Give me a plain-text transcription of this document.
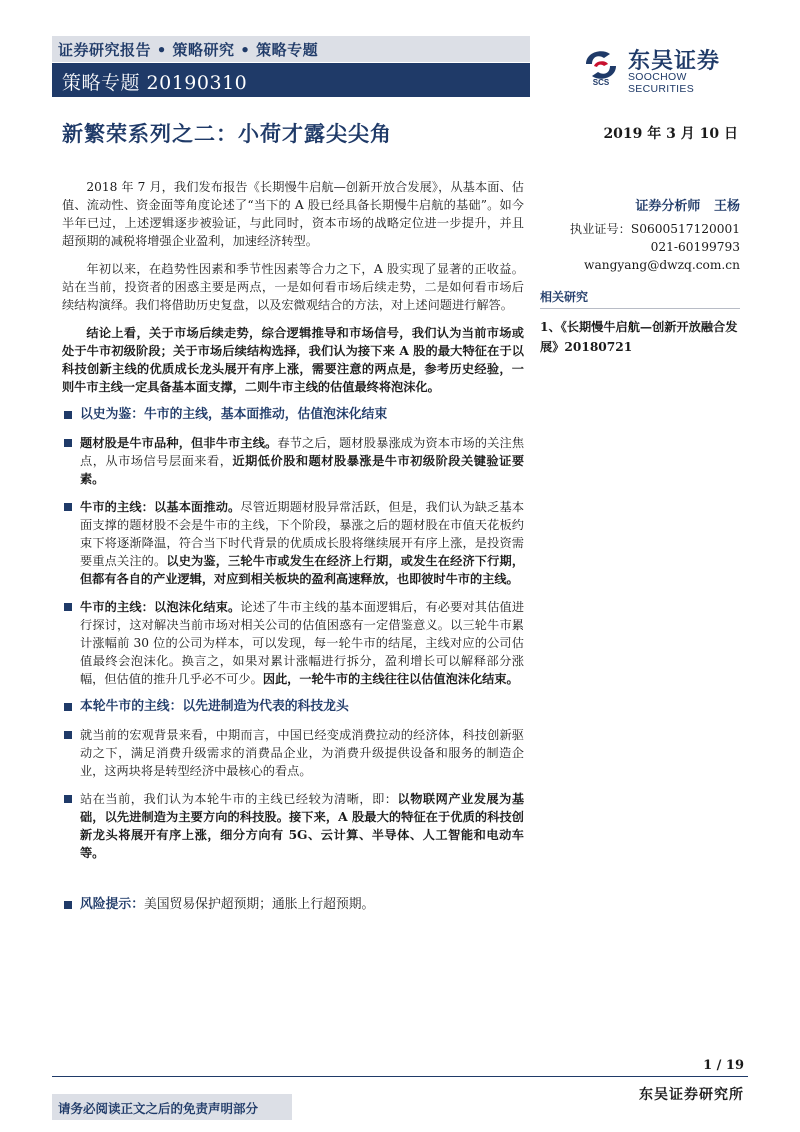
证券研究报告 • 策略研究 • 策略专题
策略专题 20190310	SCS
东吴证券
SOOCHOW SECURITIES
新繁荣系列之二：小荷才露尖尖角	2019 年 3 月 10 日

2018 年 7 月，我们发布报告《长期慢牛启航—创新开放合发展》，从基本面、估值、流动性、资金面等角度论述了“当下的 A 股已经具备长期慢牛启航的基础”。如今半年已过，上述逻辑逐步被验证，与此同时，资本市场的战略定位进一步提升，并且超预期的减税将增强企业盈利，加速经济转型。

年初以来，在趋势性因素和季节性因素等合力之下，A 股实现了显著的正收益。站在当前，投资者的困惑主要是两点，一是如何看市场后续走势，二是如何看市场后续结构演绎。我们将借助历史复盘，以及宏微观结合的方法，对上述问题进行解答。

结论上看，关于市场后续走势，综合逻辑推导和市场信号，我们认为当前市场或处于牛市初级阶段；关于市场后续结构选择，我们认为接下来 A 股的最大特征在于以科技创新主线的优质成长龙头展开有序上涨，需要注意的两点是，参考历史经验，一则牛市主线一定具备基本面支撑，二则牛市主线的估值最终将泡沫化。

以史为鉴：牛市的主线，基本面推动，估值泡沫化结束
题材股是牛市品种，但非牛市主线。春节之后，题材股暴涨成为资本市场的关注焦点，从市场信号层面来看，近期低价股和题材股暴涨是牛市初级阶段关键验证要素。
牛市的主线：以基本面推动。尽管近期题材股异常活跃，但是，我们认为缺乏基本面支撑的题材股不会是牛市的主线，下个阶段，暴涨之后的题材股在市值天花板约束下将逐渐降温，符合当下时代背景的优质成长股将继续展开有序上涨，是投资需要重点关注的。以史为鉴，三轮牛市或发生在经济上行期，或发生在经济下行期，但都有各自的产业逻辑，对应到相关板块的盈利高速释放，也即彼时牛市的主线。
牛市的主线：以泡沫化结束。论述了牛市主线的基本面逻辑后，有必要对其估值进行探讨，这对解决当前市场对相关公司的估值困惑有一定借鉴意义。以三轮牛市累计涨幅前 30 位的公司为样本，可以发现，每一轮牛市的结尾，主线对应的公司估值最终会泡沫化。换言之，如果对累计涨幅进行拆分，盈利增长可以解释部分涨幅，但估值的推升几乎必不可少。因此，一轮牛市的主线往往以估值泡沫化结束。
本轮牛市的主线：以先进制造为代表的科技龙头
就当前的宏观背景来看，中期而言，中国已经变成消费拉动的经济体，科技创新驱动之下，满足消费升级需求的消费品企业，为消费升级提供设备和服务的制造企业，这两块将是转型经济中最核心的看点。
站在当前，我们认为本轮牛市的主线已经较为清晰，即：以物联网产业发展为基础，以先进制造为主要方向的科技股。接下来，A 股最大的特征在于优质的科技创新龙头将展开有序上涨，细分方向有 5G、云计算、半导体、人工智能和电动车等。
风险提示：美国贸易保护超预期；通胀上行超预期。
证券分析师 王杨
执业证号：S0600517120001
021-60199793
wangyang@dwzq.com.cn
相关研究
1、《长期慢牛启航—创新开放融合发展》20180721
1 / 19
东吴证券研究所
请务必阅读正文之后的免责声明部分
